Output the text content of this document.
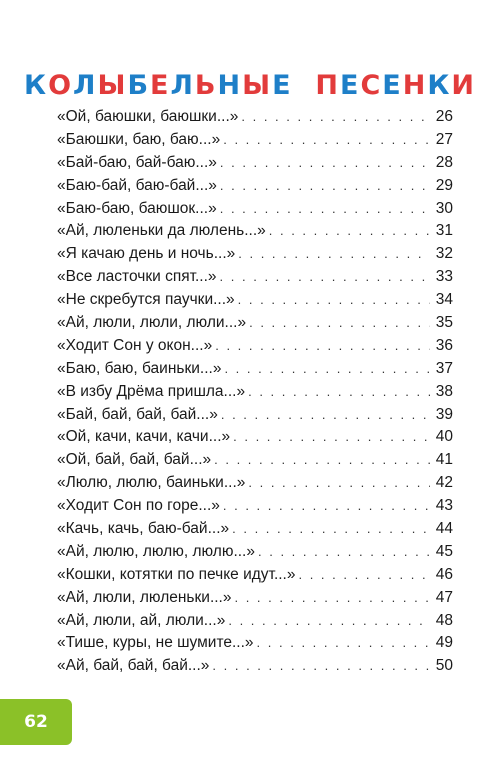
КОЛЫБЕЛЬНЫЕ ПЕСЕНКИ
«Ой, баюшки, баюшки...» . . .	26
«Баюшки, баю, баю...» . . .	27
«Бай-баю, бай-баю...» . . .	28
«Баю-бай, баю-бай...» . . .	29
«Баю-баю, баюшок...» . . .	30
«Ай, люленьки да люлень...» . . .	31
«Я качаю день и ночь...» . . .	32
«Все ласточки спят...» . . .	33
«Не скребутся паучки...» . . .	34
«Ай, люли, люли, люли...» . . .	35
«Ходит Сон у окон...» . . .	36
«Баю, баю, баиньки...» . . .	37
«В избу Дрёма пришла...» . . .	38
«Бай, бай, бай, бай...» . . .	39
«Ой, качи, качи, качи...» . . .	40
«Ой, бай, бай, бай...» . . .	41
«Люлю, люлю, баиньки...» . . .	42
«Ходит Сон по горе...» . . .	43
«Качь, качь, баю-бай...» . . .	44
«Ай, люлю, люлю, люлю...» . . .	45
«Кошки, котятки по печке идут...» . . .	46
«Ай, люли, люленьки...» . . .	47
«Ай, люли, ай, люли...» . . .	48
«Тише, куры, не шумите...» . . .	49
«Ай, бай, бай, бай...» . . .	50
62
